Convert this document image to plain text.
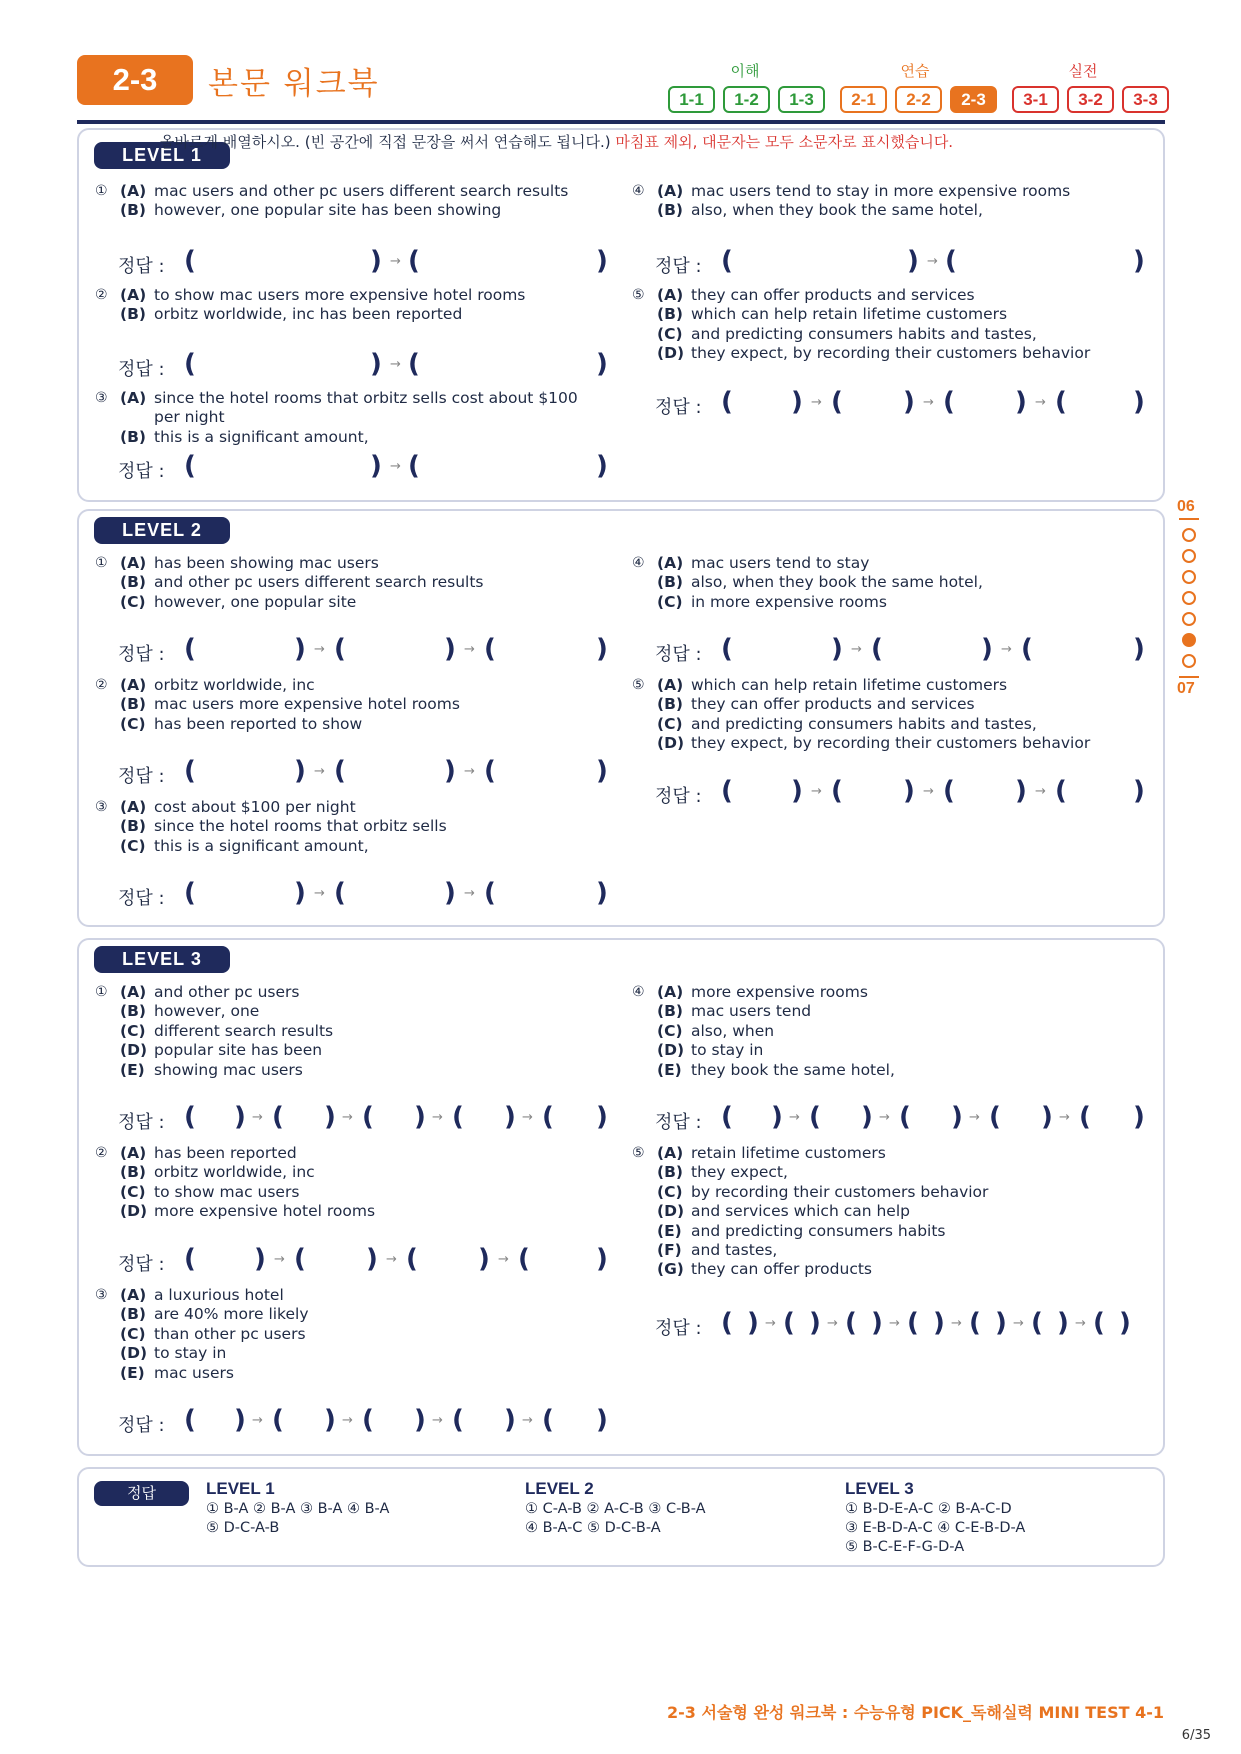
2-3	본문 워크북	이해	연습	실전
1-1	1-2	1-3	2-1	2-2	2-3	3-1	3-2	3-3
LEVEL 1
올바르게 배열하시오. (빈 공간에 직접 문장을 써서 연습해도 됩니다.) 마침표 제외, 대문자는 모두 소문자로 표시했습니다.
① (A) mac users and other pc users different search results
(B) however, one popular site has been showing
정답 : (	) → (	)
② (A) to show mac users more expensive hotel rooms
(B) orbitz worldwide, inc has been reported
정답 : (	) → (	)
③ (A) since the hotel rooms that orbitz sells cost about $100
per night
(B) this is a significant amount,
정답 : (	) → (	)
④ (A) mac users tend to stay in more expensive rooms
(B) also, when they book the same hotel,
정답 : (	) → (	)
⑤ (A) they can offer products and services
(B) which can help retain lifetime customers
(C) and predicting consumers habits and tastes,
(D) they expect, by recording their customers behavior
정답 : ( ) → ( ) → ( ) → (	)
LEVEL 2
① (A) has been showing mac users
(B) and other pc users different search results
(C) however, one popular site
정답 : (	) → (	) → (	)
② (A) orbitz worldwide, inc
(B) mac users more expensive hotel rooms
(C) has been reported to show
정답 : (	) → (	) → (	)
③ (A) cost about $100 per night
(B) since the hotel rooms that orbitz sells
(C) this is a significant amount,
정답 : (	) → (	) → (	)
④ (A) mac users tend to stay
(B) also, when they book the same hotel,
(C) in more expensive rooms
정답 : (	) → (	) → (	)
⑤ (A) which can help retain lifetime customers
(B) they can offer products and services
(C) and predicting consumers habits and tastes,
(D) they expect, by recording their customers behavior
정답 : ( ) → ( ) → ( ) → (	)
LEVEL 3
① (A) and other pc users
(B) however, one
(C) different search results
(D) popular site has been
(E) showing mac users
정답 : ( ) → ( ) → ( ) → ( ) → ( )
② (A) has been reported
(B) orbitz worldwide, inc
(C) to show mac users
(D) more expensive hotel rooms
정답 : ( ) → ( ) → ( ) → (	)
③ (A) a luxurious hotel
(B) are 40% more likely
(C) than other pc users
(D) to stay in
(E) mac users
정답 : ( ) → ( ) → ( ) → ( ) → ( )
④ (A) more expensive rooms
(B) mac users tend
(C) also, when
(D) to stay in
(E) they book the same hotel,
정답 : ( ) → ( ) → ( ) → ( ) → ( )
⑤ (A) retain lifetime customers
(B) they expect,
(C) by recording their customers behavior
(D) and services which can help
(E) and predicting consumers habits
(F) and tastes,
(G) they can offer products
정답 : ( ) → ( ) → ( ) → ( ) → ( ) → ( ) → ( )
정답	LEVEL 1
① B-A ② B-A ③ B-A ④ B-A
⑤ D-C-A-B
LEVEL 2
① C-A-B ② A-C-B ③ C-B-A
④ B-A-C ⑤ D-C-B-A
LEVEL 3
① B-D-E-A-C ② B-A-C-D
③ E-B-D-A-C ④ C-E-B-D-A
⑤ B-C-E-F-G-D-A
06
07
2-3 서술형 완성 워크북 : 수능유형 PICK_독해실력 MINI TEST 4-1
6/35
